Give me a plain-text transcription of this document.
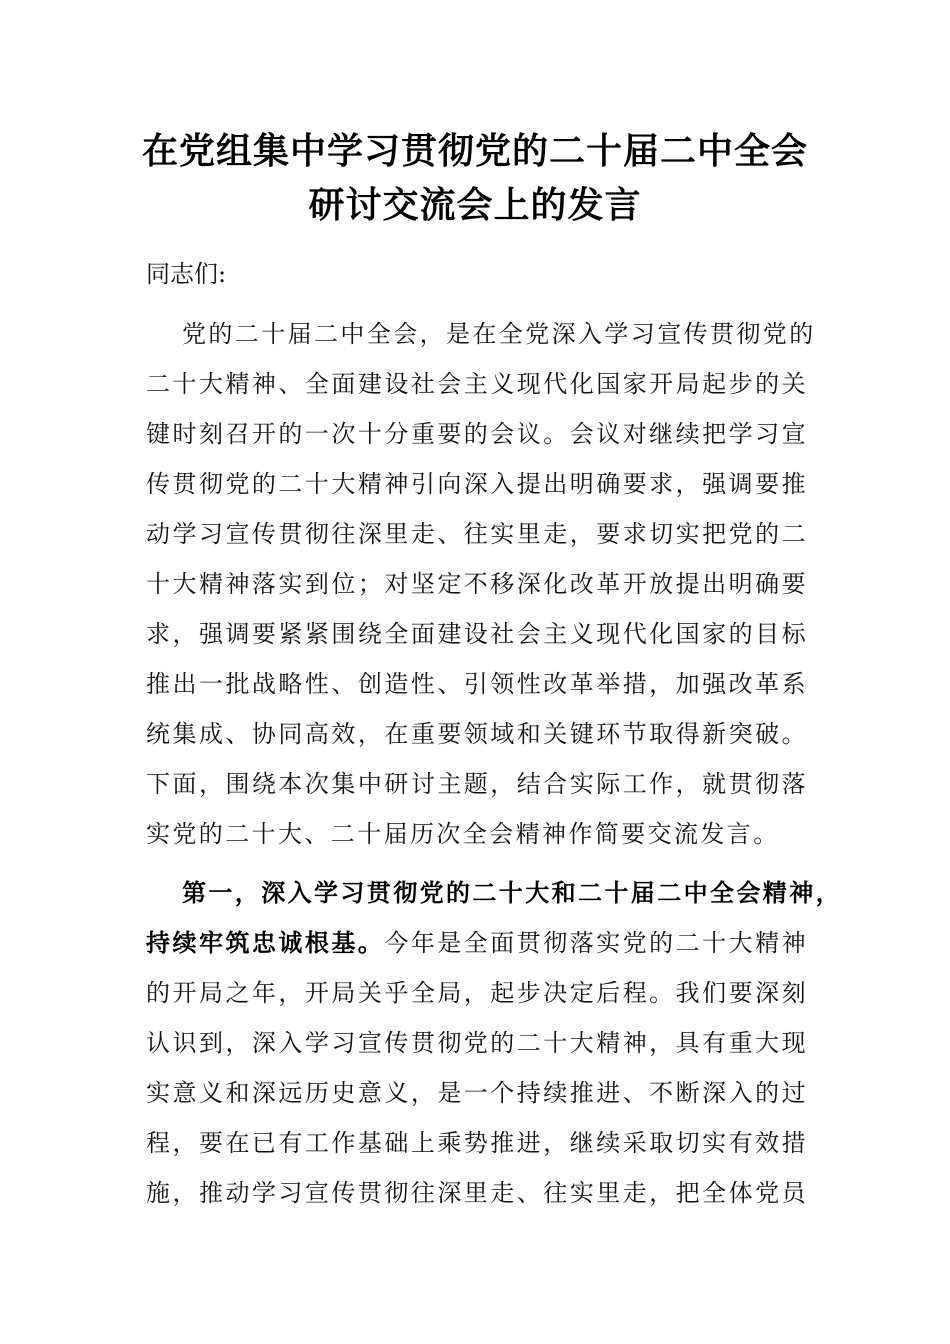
在党组集中学习贯彻党的二十届二中全会
研讨交流会上的发言
同志们:
党的二十届二中全会，是在全党深入学习宣传贯彻党的
二十大精神、全面建设社会主义现代化国家开局起步的关
键时刻召开的一次十分重要的会议。会议对继续把学习宣
传贯彻党的二十大精神引向深入提出明确要求，强调要推
动学习宣传贯彻往深里走、往实里走，要求切实把党的二
十大精神落实到位；对坚定不移深化改革开放提出明确要
求，强调要紧紧围绕全面建设社会主义现代化国家的目标
推出一批战略性、创造性、引领性改革举措，加强改革系
统集成、协同高效，在重要领域和关键环节取得新突破。
下面，围绕本次集中研讨主题，结合实际工作，就贯彻落
实党的二十大、二十届历次全会精神作简要交流发言。
第一，深入学习贯彻党的二十大和二十届二中全会精神，
持续牢筑忠诚根基。今年是全面贯彻落实党的二十大精神
的开局之年，开局关乎全局，起步决定后程。我们要深刻
认识到，深入学习宣传贯彻党的二十大精神，具有重大现
实意义和深远历史意义，是一个持续推进、不断深入的过
程，要在已有工作基础上乘势推进，继续采取切实有效措
施，推动学习宣传贯彻往深里走、往实里走，把全体党员
